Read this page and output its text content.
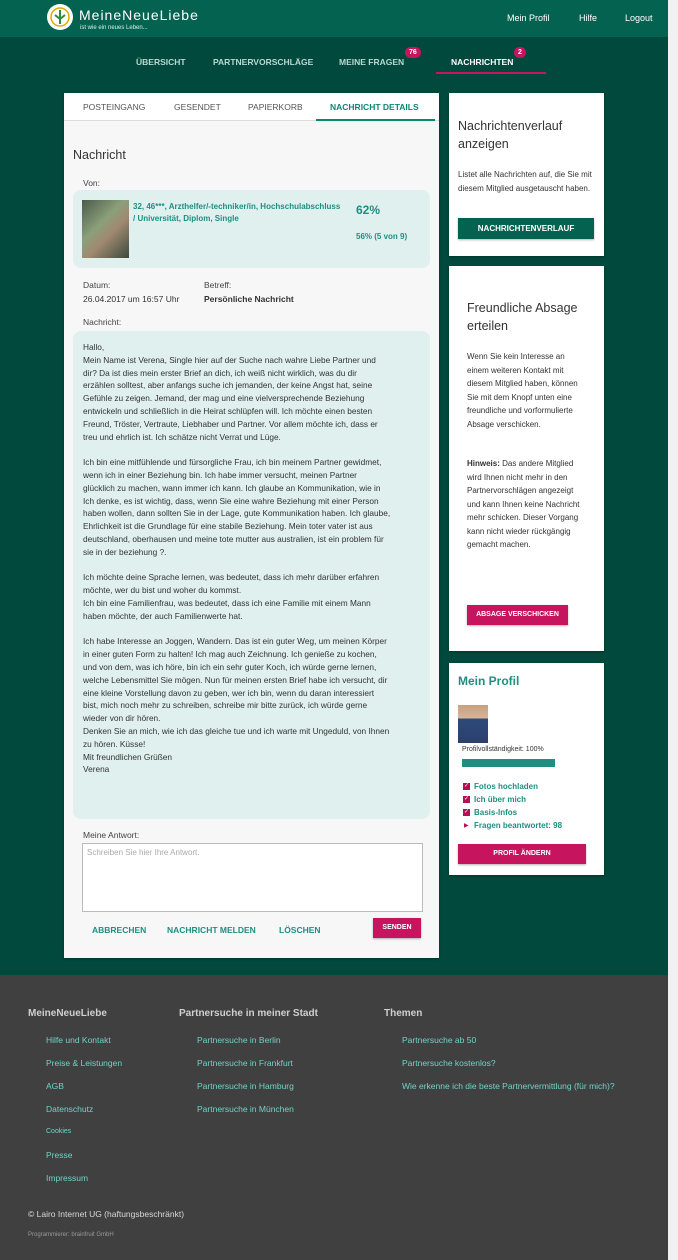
MeineNeueLiebe
ist wie ein neues Leben...
Mein Profil	Hilfe	Logout
ÜBERSICHT	PARTNERVORSCHLÄGE	MEINE FRAGEN
76
NACHRICHTEN
2
POSTEINGANG	GESENDET	PAPIERKORB	NACHRICHT DETAILS
Nachricht
Von:
32, 46***, Arzthelfer/-techniker/in, Hochschulabschluss / Universität, Diplom, Single
62%
56% (5 von 9)
Datum:
26.04.2017 um 16:57 Uhr
Betreff:
Persönliche Nachricht
Nachricht:
Hallo,
Mein Name ist Verena, Single hier auf der Suche nach wahre Liebe Partner und
dir? Da ist dies mein erster Brief an dich, ich weiß nicht wirklich, was du dir
erzählen solltest, aber anfangs suche ich jemanden, der keine Angst hat, seine
Gefühle zu zeigen. Jemand, der mag und eine vielversprechende Beziehung
entwickeln und schließlich in die Heirat schlüpfen will. Ich möchte einen besten
Freund, Tröster, Vertraute, Liebhaber und Partner. Vor allem möchte ich, dass er
treu und ehrlich ist. Ich schätze nicht Verrat und Lüge.

Ich bin eine mitfühlende und fürsorgliche Frau, ich bin meinem Partner gewidmet,
wenn ich in einer Beziehung bin. Ich habe immer versucht, meinen Partner
glücklich zu machen, wann immer ich kann. Ich glaube an Kommunikation, wie in
Ich denke, es ist wichtig, dass, wenn Sie eine wahre Beziehung mit einer Person
haben wollen, dann sollten Sie in der Lage, gute Kommunikation haben. Ich glaube,
Ehrlichkeit ist die Grundlage für eine stabile Beziehung. Mein toter vater ist aus
deutschland, oberhausen und meine tote mutter aus australien, ist ein problem für
sie in der beziehung ?.

Ich möchte deine Sprache lernen, was bedeutet, dass ich mehr darüber erfahren
möchte, wer du bist und woher du kommst.
Ich bin eine Familienfrau, was bedeutet, dass ich eine Familie mit einem Mann
haben möchte, der auch Familienwerte hat.

Ich habe Interesse an Joggen, Wandern. Das ist ein guter Weg, um meinen Körper
in einer guten Form zu halten! Ich mag auch Zeichnung. Ich genieße zu kochen,
und von dem, was ich höre, bin ich ein sehr guter Koch, ich würde gerne lernen,
welche Lebensmittel Sie mögen. Nun für meinen ersten Brief habe ich versucht, dir
eine kleine Vorstellung davon zu geben, wer ich bin, wenn du daran interessiert
bist, mich noch mehr zu schreiben, schreibe mir bitte zurück, ich würde gerne
wieder von dir hören.
Denken Sie an mich, wie ich das gleiche tue und ich warte mit Ungeduld, von Ihnen
zu hören. Küsse!
Mit freundlichen Grüßen
Verena
Meine Antwort:
Schreiben Sie hier Ihre Antwort.
ABBRECHEN NACHRICHT MELDEN	LÖSCHEN	SENDEN
Nachrichtenverlauf anzeigen
Listet alle Nachrichten auf, die Sie mit diesem Mitglied ausgetauscht haben.
NACHRICHTENVERLAUF
Freundliche Absage erteilen
Wenn Sie kein Interesse an einem weiteren Kontakt mit diesem Mitglied haben, können Sie mit dem Knopf unten eine freundliche und vorformulierte Absage verschicken.
Hinweis: Das andere Mitglied wird Ihnen nicht mehr in den Partnervorschlägen angezeigt und kann Ihnen keine Nachricht mehr schicken. Dieser Vorgang kann nicht wieder rückgängig gemacht machen.
ABSAGE VERSCHICKEN
Mein Profil
Profilvollständigkeit: 100%
✓ Fotos hochladen
✓ Ich über mich
✓ Basis-Infos
▶ Fragen beantwortet: 98
PROFIL ÄNDERN
MeineNeueLiebe
Hilfe und Kontakt
Preise & Leistungen
AGB
Datenschutz
Cookies
Presse
Impressum
Partnersuche in meiner Stadt
Partnersuche in Berlin
Partnersuche in Frankfurt
Partnersuche in Hamburg
Partnersuche in München
Themen
Partnersuche ab 50
Partnersuche kostenlos?
Wie erkenne ich die beste Partnervermittlung (für mich)?
© Lairo Internet UG (haftungsbeschränkt)
Programmierer: brainfruit GmbH
